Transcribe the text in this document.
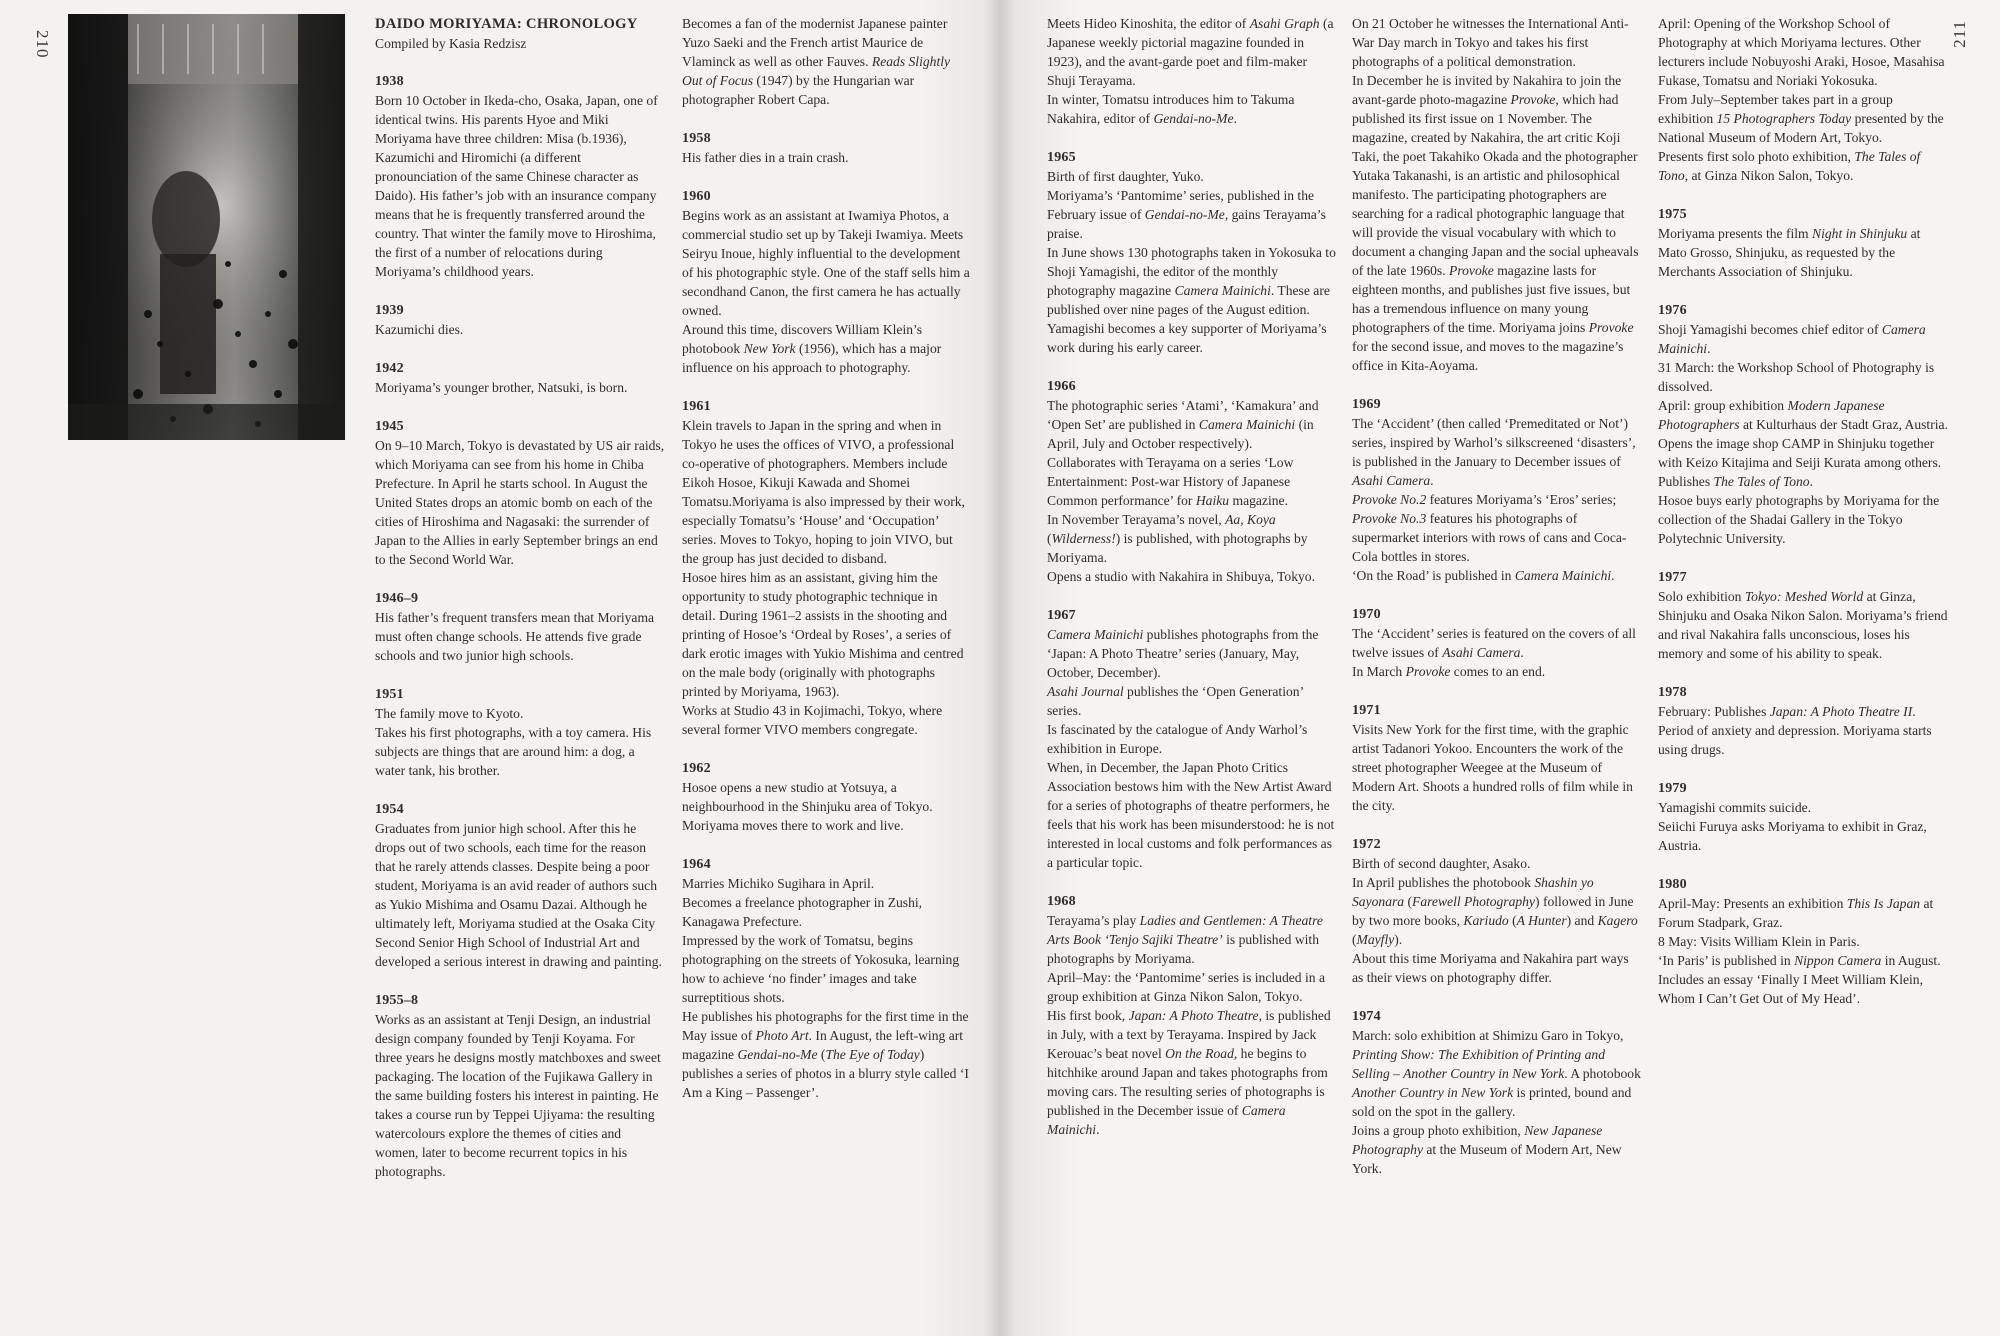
210	211
DAIDO MORIYAMA: CHRONOLOGY
Compiled by Kasia Redzisz
1938

Born 10 October in Ikeda-cho, Osaka, Japan, one of identical twins. His parents Hyoe and Miki Moriyama have three children: Misa (b.1936), Kazumichi and Hiromichi (a different pronounciation of the same Chinese character as Daido). His father’s job with an insurance company means that he is frequently transferred around the country. That winter the family move to Hiroshima, the first of a number of relocations during Moriyama’s childhood years.

1939

Kazumichi dies.

1942

Moriyama’s younger brother, Natsuki, is born.

1945

On 9–10 March, Tokyo is devastated by US air raids, which Moriyama can see from his home in Chiba Prefecture. In April he starts school. In August the United States drops an atomic bomb on each of the cities of Hiroshima and Nagasaki: the surrender of Japan to the Allies in early September brings an end to the Second World War.

1946–9

His father’s frequent transfers mean that Moriyama must often change schools. He attends five grade schools and two junior high schools.

1951

The family move to Kyoto.

Takes his first photographs, with a toy camera. His subjects are things that are around him: a dog, a water tank, his brother.

1954

Graduates from junior high school. After this he drops out of two schools, each time for the reason that he rarely attends classes. Despite being a poor student, Moriyama is an avid reader of authors such as Yukio Mishima and Osamu Dazai. Although he ultimately left, Moriyama studied at the Osaka City Second Senior High School of Industrial Art and developed a serious interest in drawing and painting.

1955–8

Works as an assistant at Tenji Design, an industrial design company founded by Tenji Koyama. For three years he designs mostly matchboxes and sweet packaging. The location of the Fujikawa Gallery in the same building fosters his interest in painting. He takes a course run by Teppei Ujiyama: the resulting watercolours explore the themes of cities and women, later to become recurrent topics in his photographs.

Becomes a fan of the modernist Japanese painter Yuzo Saeki and the French artist Maurice de Vlaminck as well as other Fauves. Reads Slightly Out of Focus (1947) by the Hungarian war photographer Robert Capa.

1958

His father dies in a train crash.

1960

Begins work as an assistant at Iwamiya Photos, a commercial studio set up by Takeji Iwamiya. Meets Seiryu Inoue, highly influential to the development of his photographic style. One of the staff sells him a secondhand Canon, the first camera he has actually owned.

Around this time, discovers William Klein’s photobook New York (1956), which has a major influence on his approach to photography.

1961

Klein travels to Japan in the spring and when in Tokyo he uses the offices of VIVO, a professional co-operative of photographers. Members include Eikoh Hosoe, Kikuji Kawada and Shomei Tomatsu.Moriyama is also impressed by their work, especially Tomatsu’s ‘House’ and ‘Occupation’ series. Moves to Tokyo, hoping to join VIVO, but the group has just decided to disband.

Hosoe hires him as an assistant, giving him the opportunity to study photographic technique in detail. During 1961–2 assists in the shooting and printing of Hosoe’s ‘Ordeal by Roses’, a series of dark erotic images with Yukio Mishima and centred on the male body (originally with photographs printed by Moriyama, 1963).

Works at Studio 43 in Kojimachi, Tokyo, where several former VIVO members congregate.

1962

Hosoe opens a new studio at Yotsuya, a neighbourhood in the Shinjuku area of Tokyo. Moriyama moves there to work and live.

1964

Marries Michiko Sugihara in April.

Becomes a freelance photographer in Zushi, Kanagawa Prefecture.

Impressed by the work of Tomatsu, begins photographing on the streets of Yokosuka, learning how to achieve ‘no finder’ images and take surreptitious shots.

He publishes his photographs for the first time in the May issue of Photo Art. In August, the left-wing art magazine Gendai-no-Me (The Eye of Today) publishes a series of photos in a blurry style called ‘I Am a King – Passenger’.

Meets Hideo Kinoshita, the editor of Asahi Graph (a Japanese weekly pictorial magazine founded in 1923), and the avant-garde poet and film-maker Shuji Terayama.

In winter, Tomatsu introduces him to Takuma Nakahira, editor of Gendai-no-Me.

1965

Birth of first daughter, Yuko.

Moriyama’s ‘Pantomime’ series, published in the February issue of Gendai-no-Me, gains Terayama’s praise.

In June shows 130 photographs taken in Yokosuka to Shoji Yamagishi, the editor of the monthly photography magazine Camera Mainichi. These are published over nine pages of the August edition. Yamagishi becomes a key supporter of Moriyama’s work during his early career.

1966

The photographic series ‘Atami’, ‘Kamakura’ and ‘Open Set’ are published in Camera Mainichi (in April, July and October respectively).

Collaborates with Terayama on a series ‘Low Entertainment: Post-war History of Japanese Common performance’ for Haiku magazine.

In November Terayama’s novel, Aa, Koya (Wilderness!) is published, with photographs by Moriyama.

Opens a studio with Nakahira in Shibuya, Tokyo.

1967

Camera Mainichi publishes photographs from the ‘Japan: A Photo Theatre’ series (January, May, October, December).

Asahi Journal publishes the ‘Open Generation’ series.

Is fascinated by the catalogue of Andy Warhol’s exhibition in Europe.

When, in December, the Japan Photo Critics Association bestows him with the New Artist Award for a series of photographs of theatre performers, he feels that his work has been misunderstood: he is not interested in local customs and folk performances as a particular topic.

1968

Terayama’s play Ladies and Gentlemen: A Theatre Arts Book ‘Tenjo Sajiki Theatre’ is published with photographs by Moriyama.

April–May: the ‘Pantomime’ series is included in a group exhibition at Ginza Nikon Salon, Tokyo.

His first book, Japan: A Photo Theatre, is published in July, with a text by Terayama. Inspired by Jack Kerouac’s beat novel On the Road, he begins to hitchhike around Japan and takes photographs from moving cars. The resulting series of photographs is published in the December issue of Camera Mainichi.

On 21 October he witnesses the International Anti-War Day march in Tokyo and takes his first photographs of a political demonstration.

In December he is invited by Nakahira to join the avant-garde photo-magazine Provoke, which had published its first issue on 1 November. The magazine, created by Nakahira, the art critic Koji Taki, the poet Takahiko Okada and the photographer Yutaka Takanashi, is an artistic and philosophical manifesto. The participating photographers are searching for a radical photographic language that will provide the visual vocabulary with which to document a changing Japan and the social upheavals of the late 1960s. Provoke magazine lasts for eighteen months, and publishes just five issues, but has a tremendous influence on many young photographers of the time. Moriyama joins Provoke for the second issue, and moves to the magazine’s office in Kita-Aoyama.

1969

The ‘Accident’ (then called ‘Premeditated or Not’) series, inspired by Warhol’s silkscreened ‘disasters’, is published in the January to December issues of Asahi Camera.

Provoke No.2 features Moriyama’s ‘Eros’ series; Provoke No.3 features his photographs of supermarket interiors with rows of cans and Coca-Cola bottles in stores.

‘On the Road’ is published in Camera Mainichi.

1970

The ‘Accident’ series is featured on the covers of all twelve issues of Asahi Camera.

In March Provoke comes to an end.

1971

Visits New York for the first time, with the graphic artist Tadanori Yokoo. Encounters the work of the street photographer Weegee at the Museum of Modern Art. Shoots a hundred rolls of film while in the city.

1972

Birth of second daughter, Asako.

In April publishes the photobook Shashin yo Sayonara (Farewell Photography) followed in June by two more books, Kariudo (A Hunter) and Kagero (Mayfly).

About this time Moriyama and Nakahira part ways as their views on photography differ.

1974

March: solo exhibition at Shimizu Garo in Tokyo, Printing Show: The Exhibition of Printing and Selling – Another Country in New York. A photobook Another Country in New York is printed, bound and sold on the spot in the gallery.

Joins a group photo exhibition, New Japanese Photography at the Museum of Modern Art, New York.

April: Opening of the Workshop School of Photography at which Moriyama lectures. Other lecturers include Nobuyoshi Araki, Hosoe, Masahisa Fukase, Tomatsu and Noriaki Yokosuka.

From July–September takes part in a group exhibition 15 Photographers Today presented by the National Museum of Modern Art, Tokyo.

Presents first solo photo exhibition, The Tales of Tono, at Ginza Nikon Salon, Tokyo.

1975

Moriyama presents the film Night in Shinjuku at Mato Grosso, Shinjuku, as requested by the Merchants Association of Shinjuku.

1976

Shoji Yamagishi becomes chief editor of Camera Mainichi.

31 March: the Workshop School of Photography is dissolved.

April: group exhibition Modern Japanese Photographers at Kulturhaus der Stadt Graz, Austria.

Opens the image shop CAMP in Shinjuku together with Keizo Kitajima and Seiji Kurata among others.

Publishes The Tales of Tono.

Hosoe buys early photographs by Moriyama for the collection of the Shadai Gallery in the Tokyo Polytechnic University.

1977

Solo exhibition Tokyo: Meshed World at Ginza, Shinjuku and Osaka Nikon Salon. Moriyama’s friend and rival Nakahira falls unconscious, loses his memory and some of his ability to speak.

1978

February: Publishes Japan: A Photo Theatre II.

Period of anxiety and depression. Moriyama starts using drugs.

1979

Yamagishi commits suicide.

Seiichi Furuya asks Moriyama to exhibit in Graz, Austria.

1980

April-May: Presents an exhibition This Is Japan at Forum Stadpark, Graz.

8 May: Visits William Klein in Paris.

‘In Paris’ is published in Nippon Camera in August. Includes an essay ‘Finally I Meet William Klein, Whom I Can’t Get Out of My Head’.
